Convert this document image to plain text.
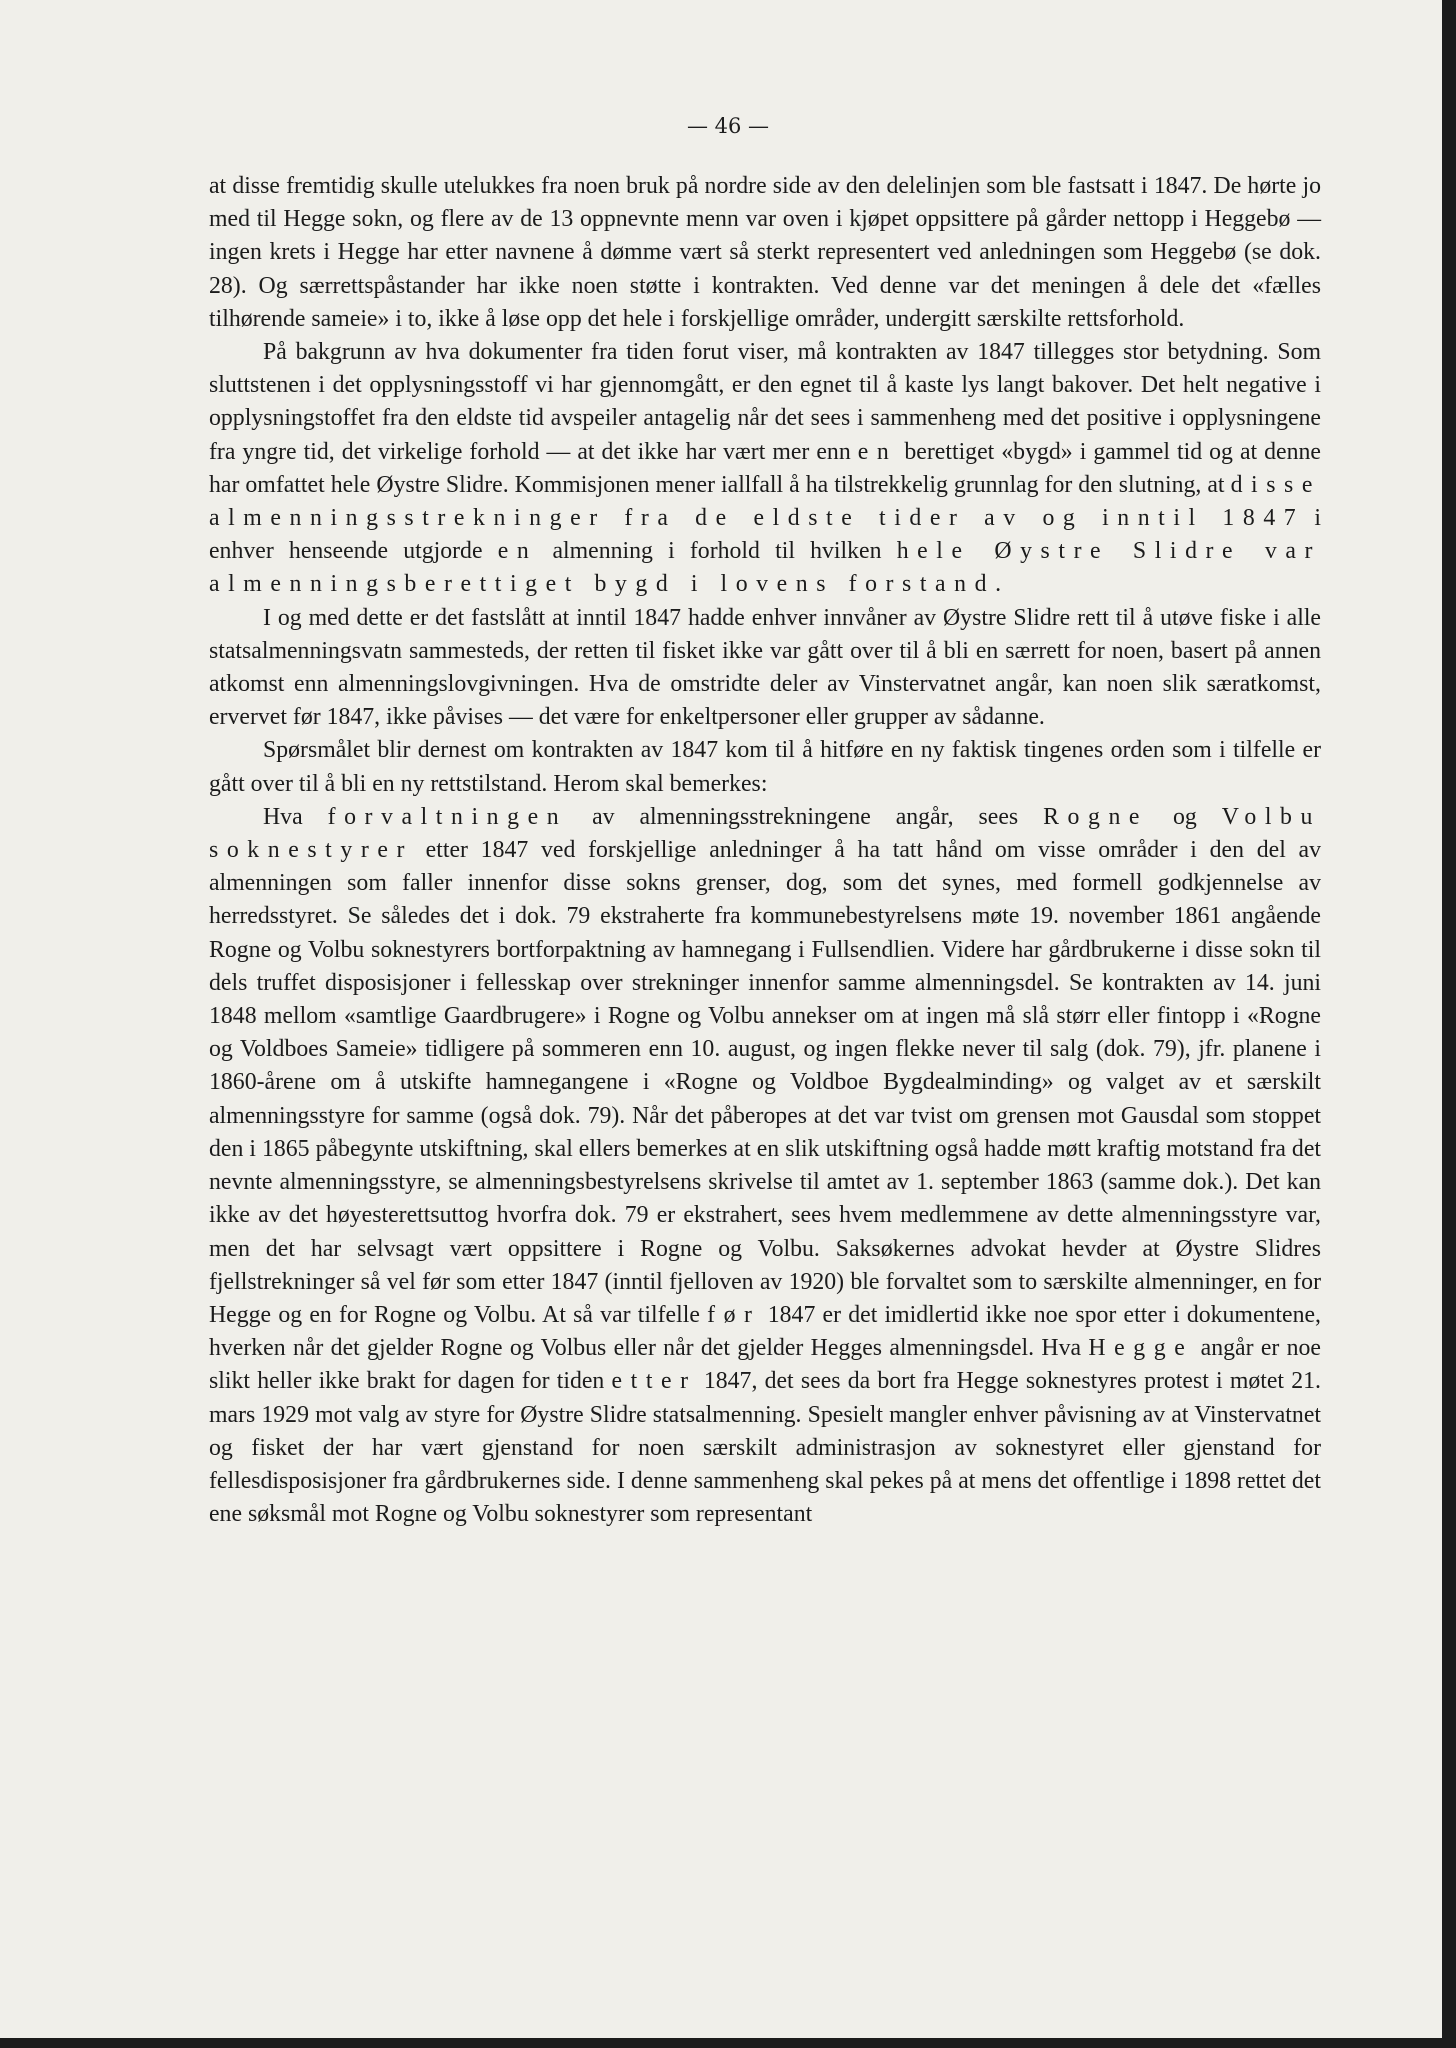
— 46 —

at disse fremtidig skulle utelukkes fra noen bruk på nordre side av den delelinjen som ble fastsatt i 1847. De hørte jo med til Hegge sokn, og flere av de 13 oppnevnte menn var oven i kjøpet oppsittere på gårder nettopp i Heggebø — ingen krets i Hegge har etter navnene å dømme vært så sterkt representert ved anledningen som Heggebø (se dok. 28). Og særrettspåstander har ikke noen støtte i kontrakten. Ved denne var det meningen å dele det «fælles tilhørende sameie» i to, ikke å løse opp det hele i forskjellige områder, undergitt særskilte rettsforhold.

På bakgrunn av hva dokumenter fra tiden forut viser, må kontrakten av 1847 tillegges stor betydning. Som sluttstenen i det opplysningsstoff vi har gjennomgått, er den egnet til å kaste lys langt bakover. Det helt negative i opplysningstoffet fra den eldste tid avspeiler antagelig når det sees i sammenheng med det positive i opplysningene fra yngre tid, det virkelige forhold — at det ikke har vært mer enn en berettiget «bygd» i gammel tid og at denne har omfattet hele Øystre Slidre. Kommisjonen mener iallfall å ha tilstrekkelig grunnlag for den slutning, at disse almenningsstrekninger fra de eldste tider av og inntil 1847 i enhver henseende utgjorde en almenning i forhold til hvilken hele Øystre Slidre var almenningsberettiget bygd i lovens forstand.

I og med dette er det fastslått at inntil 1847 hadde enhver innvåner av Øystre Slidre rett til å utøve fiske i alle statsalmenningsvatn sammesteds, der retten til fisket ikke var gått over til å bli en særrett for noen, basert på annen atkomst enn almenningslovgivningen. Hva de omstridte deler av Vinstervatnet angår, kan noen slik særatkomst, ervervet før 1847, ikke påvises — det være for enkeltpersoner eller grupper av sådanne.

Spørsmålet blir dernest om kontrakten av 1847 kom til å hitføre en ny faktisk tingenes orden som i tilfelle er gått over til å bli en ny rettstilstand. Herom skal bemerkes:

Hva forvaltningen av almenningsstrekningene angår, sees Rogne og Volbu soknestyrer etter 1847 ved forskjellige anledninger å ha tatt hånd om visse områder i den del av almenningen som faller innenfor disse sokns grenser, dog, som det synes, med formell godkjennelse av herredsstyret. Se således det i dok. 79 ekstraherte fra kommunebestyrelsens møte 19. november 1861 angående Rogne og Volbu soknestyrers bortforpaktning av hamnegang i Fullsendlien. Videre har gårdbrukerne i disse sokn til dels truffet disposisjoner i fellesskap over strekninger innenfor samme almenningsdel. Se kontrakten av 14. juni 1848 mellom «samtlige Gaardbrugere» i Rogne og Volbu annekser om at ingen må slå størr eller fintopp i «Rogne og Voldboes Sameie» tidligere på sommeren enn 10. august, og ingen flekke never til salg (dok. 79), jfr. planene i 1860-årene om å utskifte hamnegangene i «Rogne og Voldboe Bygdealminding» og valget av et særskilt almenningsstyre for samme (også dok. 79). Når det påberopes at det var tvist om grensen mot Gausdal som stoppet den i 1865 påbegynte utskiftning, skal ellers bemerkes at en slik utskiftning også hadde møtt kraftig motstand fra det nevnte almenningsstyre, se almenningsbestyrelsens skrivelse til amtet av 1. september 1863 (samme dok.). Det kan ikke av det høyesterettsuttog hvorfra dok. 79 er ekstrahert, sees hvem medlemmene av dette almenningsstyre var, men det har selvsagt vært oppsittere i Rogne og Volbu. Saksøkernes advokat hevder at Øystre Slidres fjellstrekninger så vel før som etter 1847 (inntil fjelloven av 1920) ble forvaltet som to særskilte almenninger, en for Hegge og en for Rogne og Volbu. At så var tilfelle før 1847 er det imidlertid ikke noe spor etter i dokumentene, hverken når det gjelder Rogne og Volbus eller når det gjelder Hegges almenningsdel. Hva Hegge angår er noe slikt heller ikke brakt for dagen for tiden etter 1847, det sees da bort fra Hegge soknestyres protest i møtet 21. mars 1929 mot valg av styre for Øystre Slidre statsalmenning. Spesielt mangler enhver påvisning av at Vinstervatnet og fisket der har vært gjenstand for noen særskilt administrasjon av soknestyret eller gjenstand for fellesdisposisjoner fra gårdbrukernes side. I denne sammenheng skal pekes på at mens det offentlige i 1898 rettet det ene søksmål mot Rogne og Volbu soknestyrer som representant
